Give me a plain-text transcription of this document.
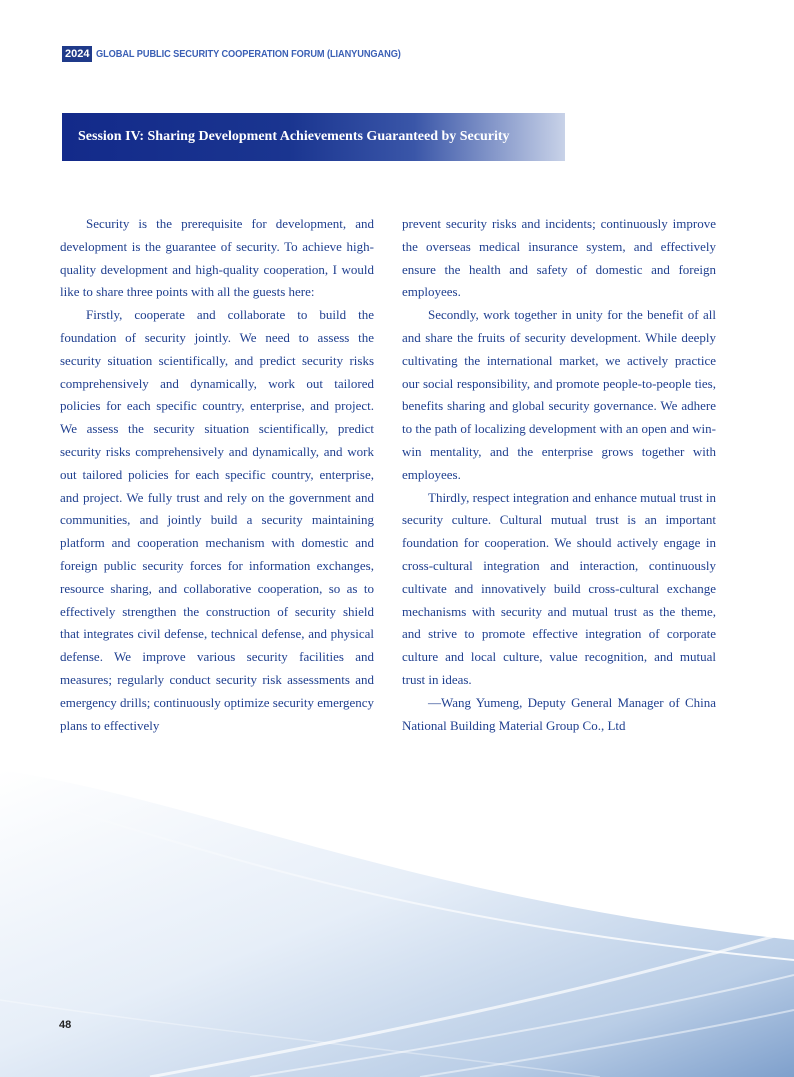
2024 GLOBAL PUBLIC SECURITY COOPERATION FORUM (LIANYUNGANG)
Session IV: Sharing Development Achievements Guaranteed by Security

Security is the prerequisite for development, and development is the guarantee of security. To achieve high-quality development and high-quality cooperation, I would like to share three points with all the guests here:

Firstly, cooperate and collaborate to build the foundation of security jointly. We need to assess the security situation scientifically, and predict security risks comprehensively and dynamically, work out tailored policies for each specific country, enterprise, and project. We assess the security situation scientifically, predict security risks comprehensively and dynamically, and work out tailored policies for each specific country, enterprise, and project. We fully trust and rely on the government and communities, and jointly build a security maintaining platform and cooperation mechanism with domestic and foreign public security forces for information exchanges, resource sharing, and collaborative cooperation, so as to effectively strengthen the construction of security shield that integrates civil defense, technical defense, and physical defense. We improve various security facilities and measures; regularly conduct security risk assessments and emergency drills; continuously optimize security emergency plans to effectively

prevent security risks and incidents; continuously improve the overseas medical insurance system, and effectively ensure the health and safety of domestic and foreign employees.

Secondly, work together in unity for the benefit of all and share the fruits of security development. While deeply cultivating the international market, we actively practice our social responsibility, and promote people-to-people ties, benefits sharing and global security governance. We adhere to the path of localizing development with an open and win-win mentality, and the enterprise grows together with employees.

Thirdly, respect integration and enhance mutual trust in security culture. Cultural mutual trust is an important foundation for cooperation. We should actively engage in cross-cultural integration and interaction, continuously cultivate and innovatively build cross-cultural exchange mechanisms with security and mutual trust as the theme, and strive to promote effective integration of corporate culture and local culture, value recognition, and mutual trust in ideas.

—Wang Yumeng, Deputy General Manager of China National Building Material Group Co., Ltd

48
